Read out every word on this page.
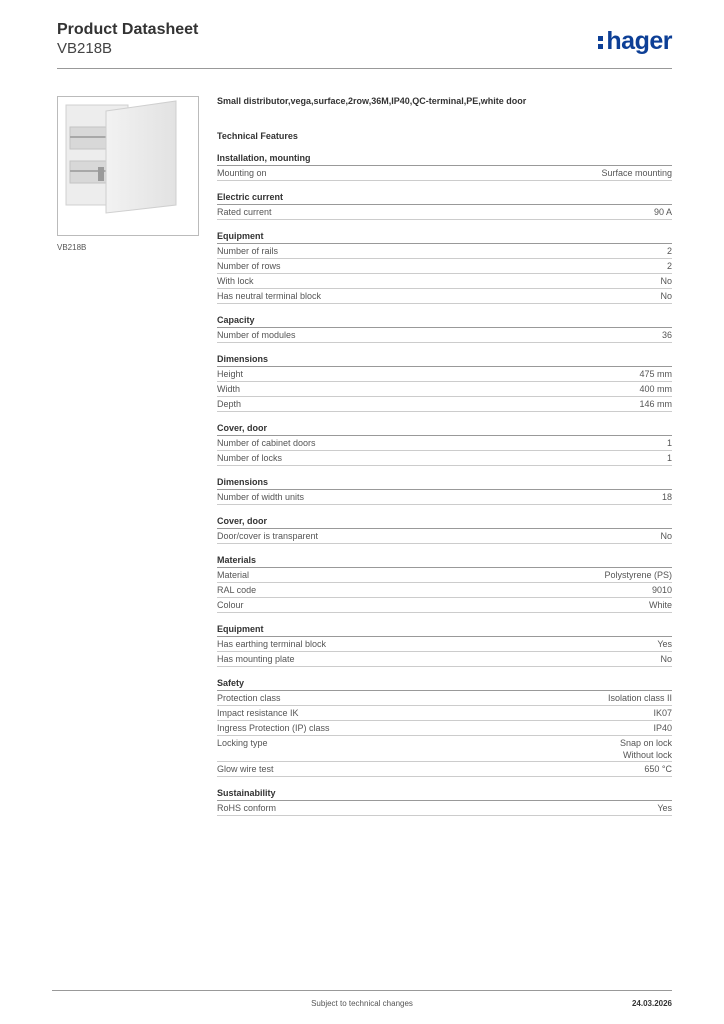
Product Datasheet
VB218B	hager
VB218B
Small distributor,vega,surface,2row,36M,IP40,QC-terminal,PE,white door
Technical Features
Installation, mounting
Mounting on	Surface mounting
Electric current
Rated current	90 A
Equipment
Number of rails	2
Number of rows	2
With lock	No
Has neutral terminal block	No
Capacity
Number of modules	36
Dimensions
Height	475 mm
Width	400 mm
Depth	146 mm
Cover, door
Number of cabinet doors	1
Number of locks	1
Dimensions
Number of width units	18
Cover, door
Door/cover is transparent	No
Materials
Material	Polystyrene (PS)
RAL code	9010
Colour	White
Equipment
Has earthing terminal block	Yes
Has mounting plate	No
Safety
Protection class	Isolation class II
Impact resistance IK	IK07
Ingress Protection (IP) class	IP40
Locking type	Snap on lock
Without lock
Glow wire test	650 °C
Sustainability
RoHS conform	Yes
Subject to technical changes	24.03.2026
